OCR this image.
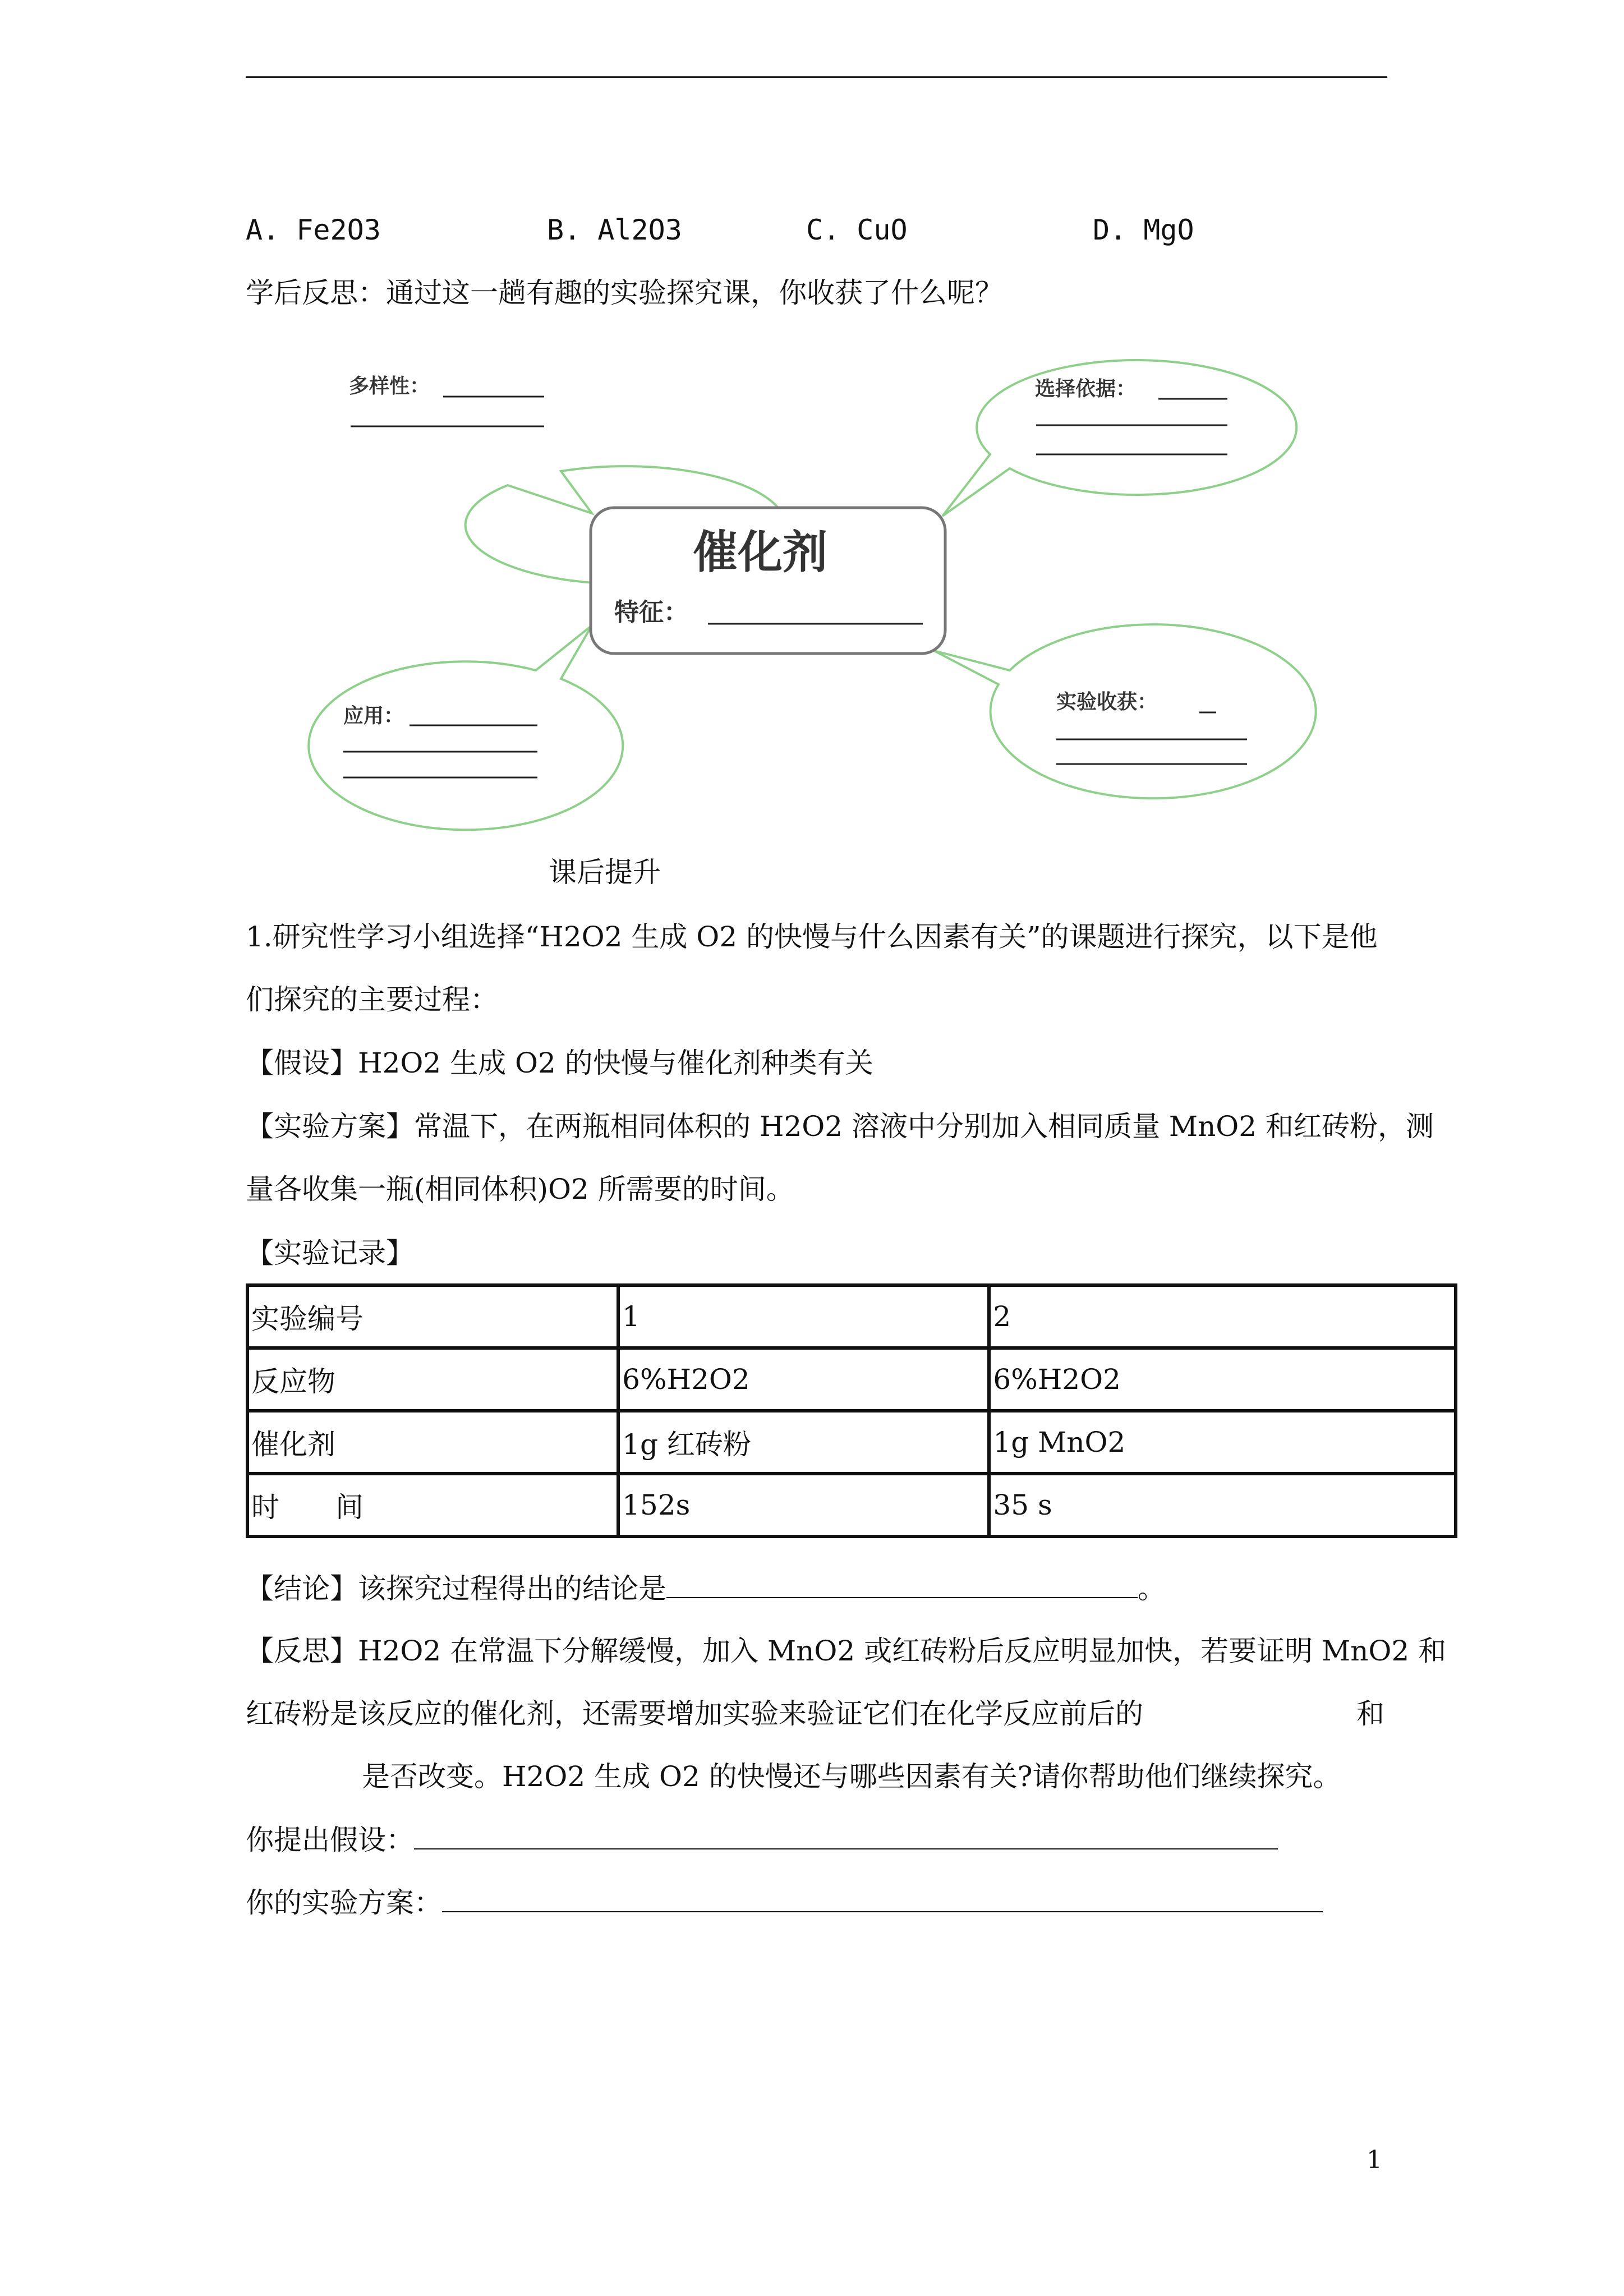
A. Fe2O3	B. Al2O3	C. CuO	D. MgO
学后反思：通过这一趟有趣的实验探究课，你收获了什么呢？
催化剂
特征：
多样性：	选择依据：
应用：
实验收获：
课后提升
1.研究性学习小组选择“H2O2 生成 O2 的快慢与什么因素有关”的课题进行探究，以下是他
们探究的主要过程：
【假设】H2O2 生成 O2 的快慢与催化剂种类有关
【实验方案】常温下，在两瓶相同体积的 H2O2 溶液中分别加入相同质量 MnO2 和红砖粉，测
量各收集一瓶(相同体积)O2 所需要的时间。
【实验记录】
实验编号	1	2
反应物	6%H2O2	6%H2O2
催化剂	1g 红砖粉	1g MnO2
时　　间	152s	35 s
【结论】该探究过程得出的结论是	。
【反思】H2O2 在常温下分解缓慢，加入 MnO2 或红砖粉后反应明显加快，若要证明 MnO2 和
红砖粉是该反应的催化剂，还需要增加实验来验证它们在化学反应前后的	和
是否改变。H2O2 生成 O2 的快慢还与哪些因素有关?请你帮助他们继续探究。
你提出假设：
你的实验方案：
1
